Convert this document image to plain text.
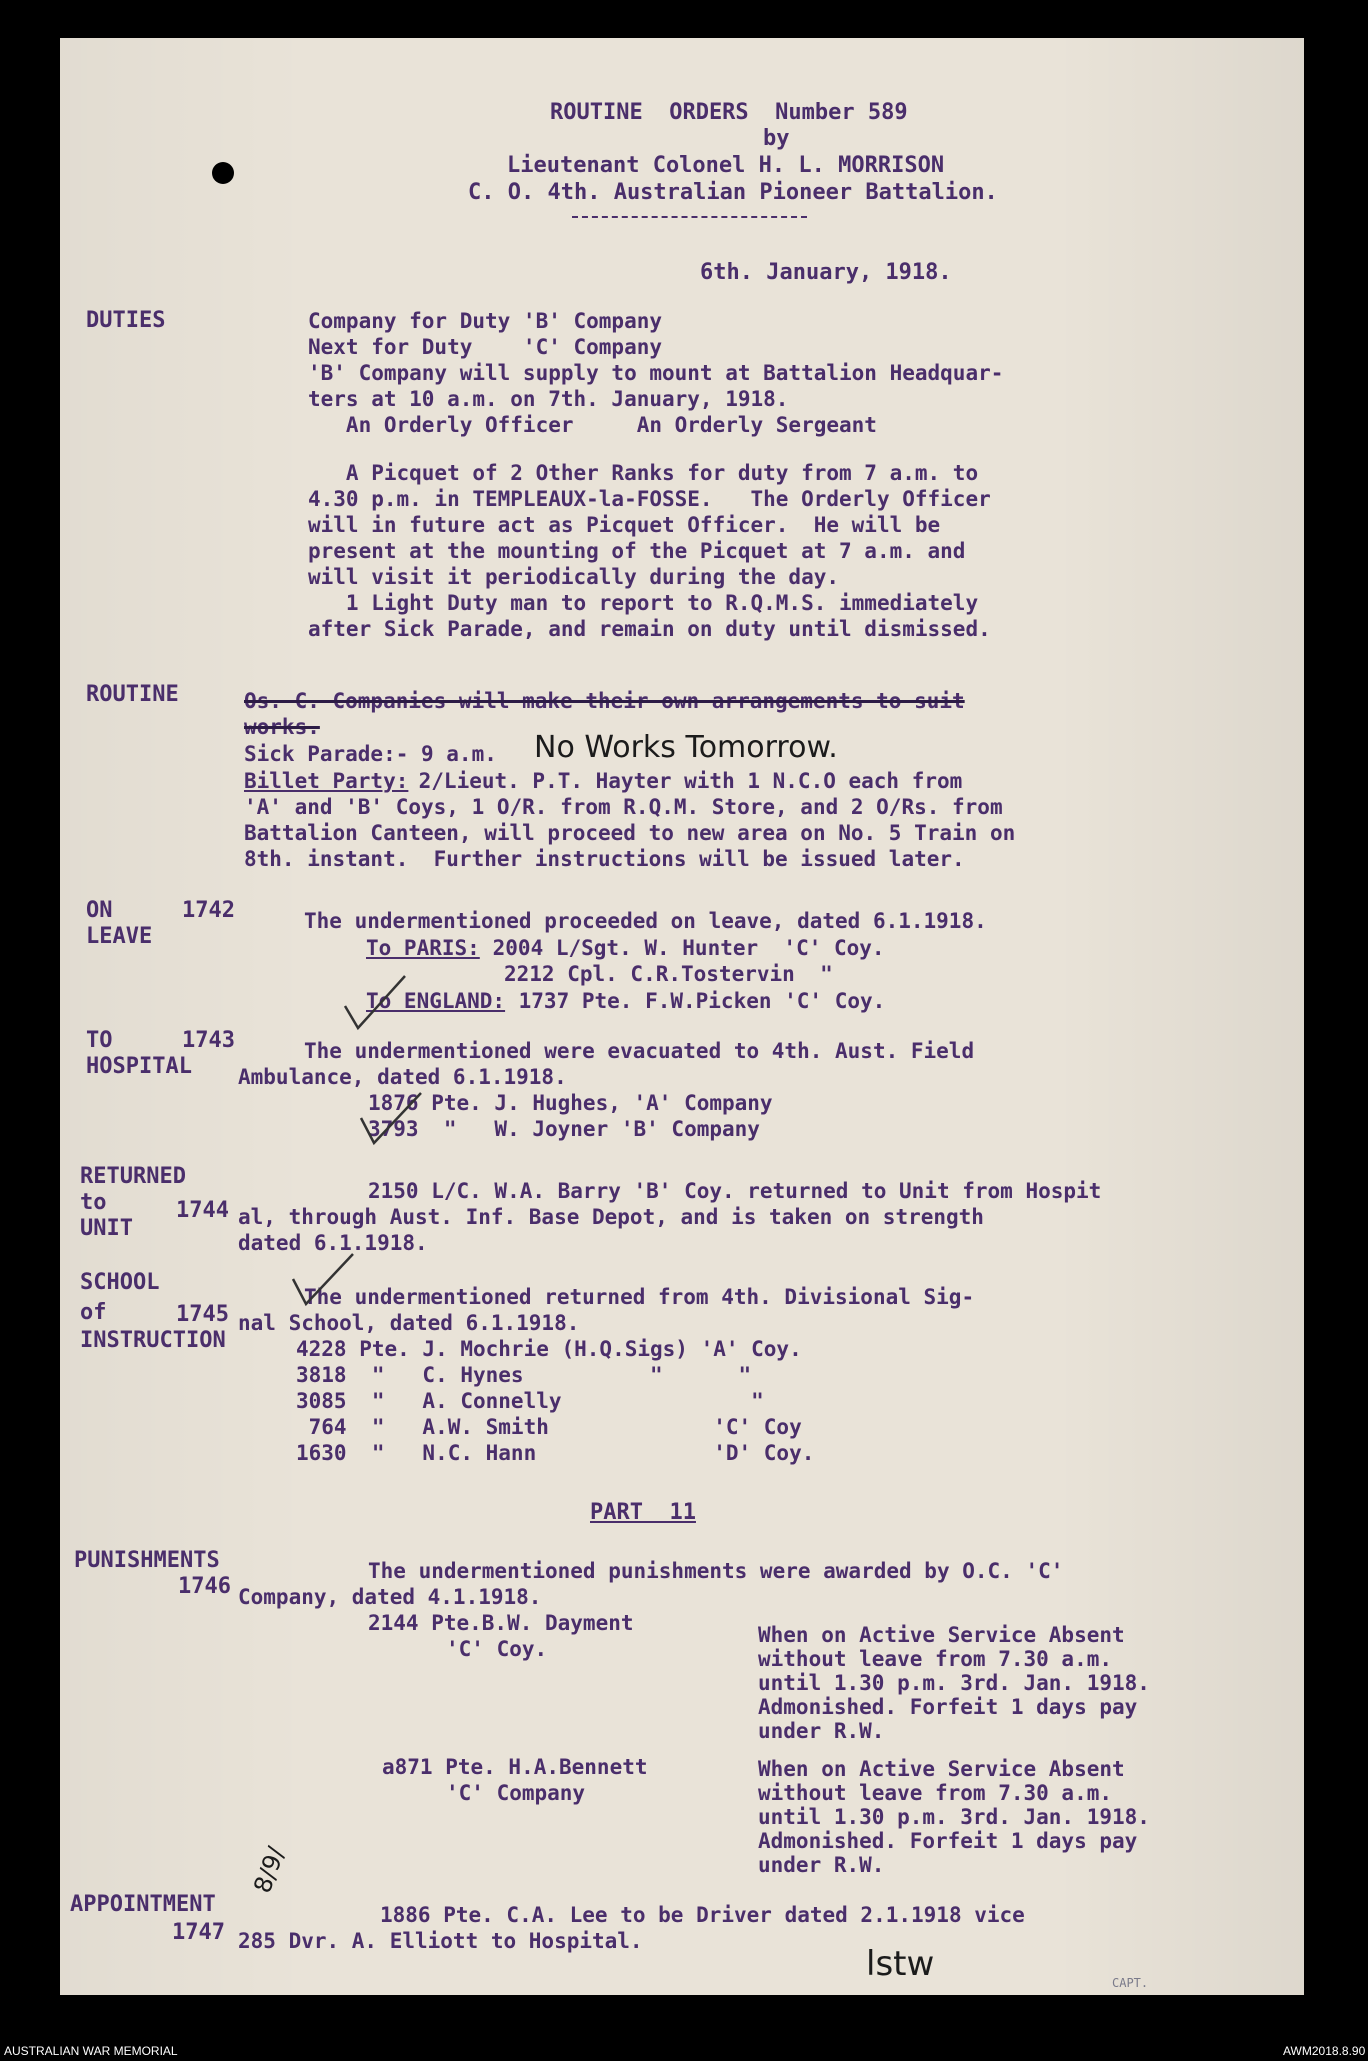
ROUTINE  ORDERS  Number 589
by
Lieutenant Colonel H. L. MORRISON
C. O. 4th. Australian Pioneer Battalion.
6th. January, 1918.
DUTIES	Company for Duty 'B' Company
Next for Duty    'C' Company
'B' Company will supply to mount at Battalion Headquar-
ters at 10 a.m. on 7th. January, 1918.
An Orderly Officer     An Orderly Sergeant
A Picquet of 2 Other Ranks for duty from 7 a.m. to
4.30 p.m. in TEMPLEAUX-la-FOSSE.   The Orderly Officer
will in future act as Picquet Officer.  He will be
present at the mounting of the Picquet at 7 a.m. and
will visit it periodically during the day.
1 Light Duty man to report to R.Q.M.S. immediately
after Sick Parade, and remain on duty until dismissed.
ROUTINE	Os. C. Companies will make their own arrangements to suit
works.
Sick Parade:- 9 a.m. No Works Tomorrow.
Billet Party:
2/Lieut. P.T. Hayter with 1 N.C.O each from
'A' and 'B' Coys, 1 O/R. from R.Q.M. Store, and 2 O/Rs. from
Battalion Canteen, will proceed to new area on No. 5 Train on
8th. instant.  Further instructions will be issued later.
ON
LEAVE
1742	The undermentioned proceeded on leave, dated 6.1.1918.
To PARIS: 2004 L/Sgt. W. Hunter  'C' Coy.
2212 Cpl. C.R.Tostervin  "
To ENGLAND: 1737 Pte. F.W.Picken 'C' Coy.
TO
HOSPITAL
1743	The undermentioned were evacuated to 4th. Aust. Field
Ambulance, dated 6.1.1918.
1876 Pte. J. Hughes, 'A' Company
3793  "   W. Joyner 'B' Company
RETURNED
to
UNIT
1744
2150 L/C. W.A. Barry 'B' Coy. returned to Unit from Hospit
al, through Aust. Inf. Base Depot, and is taken on strength
dated 6.1.1918.
SCHOOL
of
INSTRUCTION
1745
The undermentioned returned from 4th. Divisional Sig-
nal School, dated 6.1.1918.
4228 Pte. J. Mochrie (H.Q.Sigs) 'A' Coy.
3818  "   C. Hynes          "      "
3085  "   A. Connelly               "
764  "   A.W. Smith             'C' Coy
1630  "   N.C. Hann              'D' Coy.
PART  11
PUNISHMENTS
1746
The undermentioned punishments were awarded by O.C. 'C'
Company, dated 4.1.1918.
2144 Pte.B.W. Dayment
'C' Coy.
When on Active Service Absent
without leave from 7.30 a.m.
until 1.30 p.m. 3rd. Jan. 1918.
Admonished. Forfeit 1 days pay
under R.W.
a871 Pte. H.A.Bennett
'C' Company
When on Active Service Absent
without leave from 7.30 a.m.
until 1.30 p.m. 3rd. Jan. 1918.
Admonished. Forfeit 1 days pay
under R.W.
APPOINTMENT
1747
1886 Pte. C.A. Lee to be Driver dated 2.1.1918 vice
285 Dvr. A. Elliott to Hospital.
8/9/
lstw	CAPT.
AUSTRALIAN WAR MEMORIAL	AWM2018.8.90
